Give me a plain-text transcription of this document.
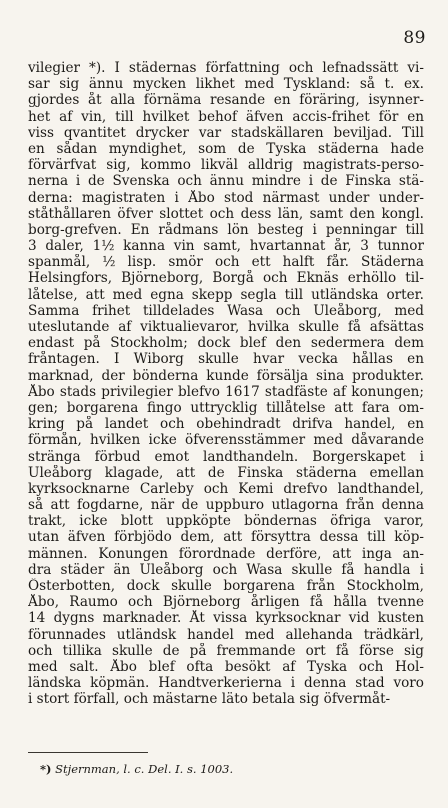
89
vilegier *). I städernas författning och lefnadssätt vi-
sar sig ännu mycken likhet med Tyskland: så t. ex.
gjordes åt alla förnäma resande en föräring, isynner-
het af vin, till hvilket behof äfven accis-frihet för en
viss qvantitet drycker var stadskällaren beviljad. Till
en sådan myndighet, som de Tyska städerna hade
förvärfvat sig, kommo likväl alldrig magistrats-perso-
nerna i de Svenska och ännu mindre i de Finska stä-
derna: magistraten i Åbo stod närmast under under-
ståthållaren öfver slottet och dess län, samt den kongl.
borg-grefven. En rådmans lön besteg i penningar till
3 daler, 1½ kanna vin samt, hvartannat år, 3 tunnor
spanmål, ½ lisp. smör och ett halft får. Städerna
Helsingfors, Björneborg, Borgå och Eknäs erhöllo til-
låtelse, att med egna skepp segla till utländska orter.
Samma frihet tilldelades Wasa och Uleåborg, med
uteslutande af viktualievaror, hvilka skulle få afsättas
endast på Stockholm; dock blef den sedermera dem
fråntagen. I Wiborg skulle hvar vecka hållas en
marknad, der bönderna kunde försälja sina produkter.
Åbo stads privilegier blefvo 1617 stadfäste af konungen;
gen; borgarena fingo uttrycklig tillåtelse att fara om-
kring på landet och obehindradt drifva handel, en
förmån, hvilken icke öfverensstämmer med dåvarande
stränga förbud emot landthandeln. Borgerskapet i
Uleåborg klagade, att de Finska städerna emellan
kyrksocknarne Carleby och Kemi drefvo landthandel,
så att fogdarne, när de uppburo utlagorna från denna
trakt, icke blott uppköpte böndernas öfriga varor,
utan äfven förbjödo dem, att försyttra dessa till köp-
männen. Konungen förordnade derföre, att inga an-
dra städer än Uleåborg och Wasa skulle få handla i
Österbotten, dock skulle borgarena från Stockholm,
Åbo, Raumo och Björneborg årligen få hålla tvenne
14 dygns marknader. Åt vissa kyrksocknar vid kusten
förunnades utländsk handel med allehanda trädkärl,
och tillika skulle de på fremmande ort få förse sig
med salt. Åbo blef ofta besökt af Tyska och Hol-
ländska köpmän. Handtverkerierna i denna stad voro
i stort förfall, och mästarne läto betala sig öfvermåt-
*) Stjernman, l. c. Del. I. s. 1003.
